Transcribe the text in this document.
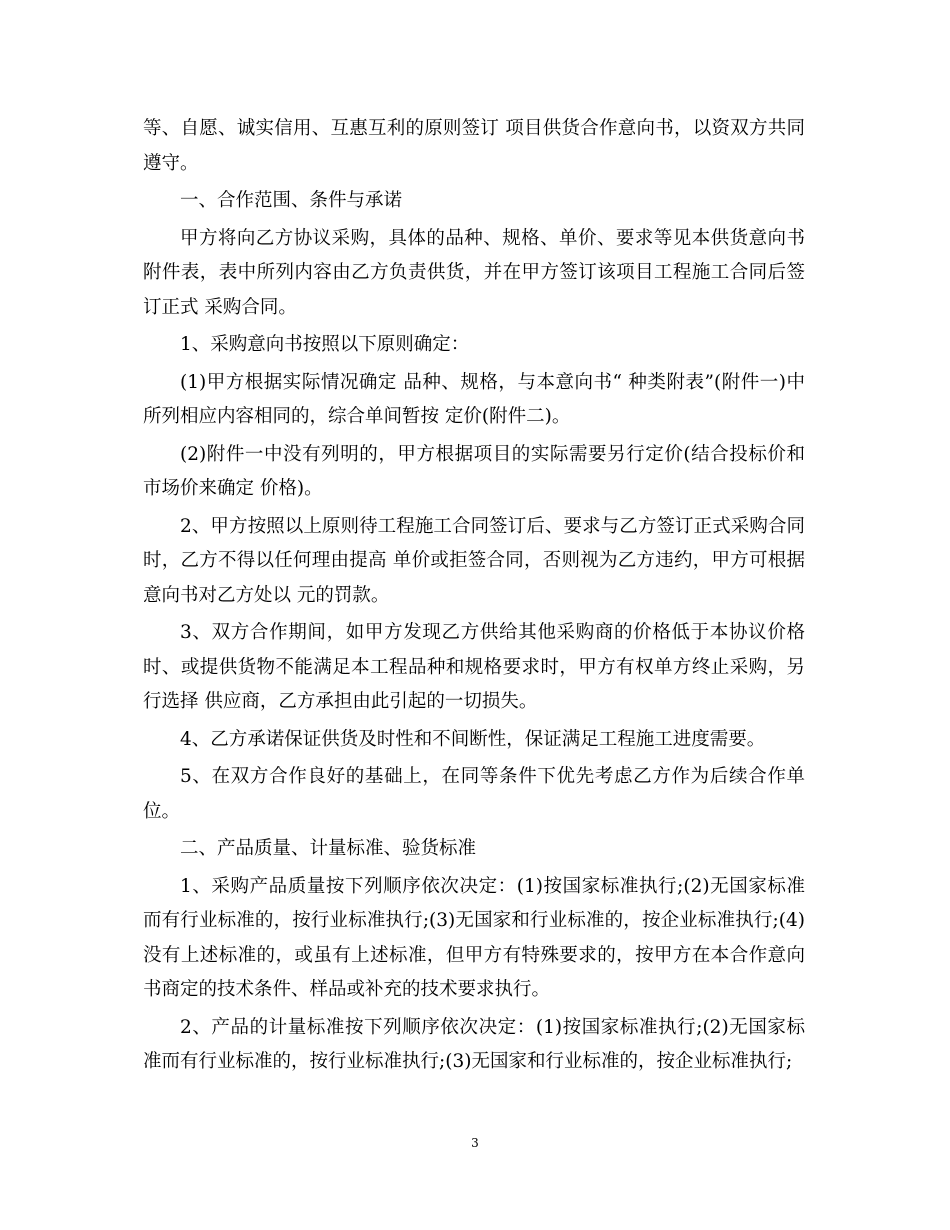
等、自愿、诚实信用、互惠互利的原则签订 项目供货合作意向书，以资双方共同遵守。

一、合作范围、条件与承诺

甲方将向乙方协议采购，具体的品种、规格、单价、要求等见本供货意向书附件表，表中所列内容由乙方负责供货，并在甲方签订该项目工程施工合同后签订正式 采购合同。

1、采购意向书按照以下原则确定：

(1)甲方根据实际情况确定 品种、规格，与本意向书“ 种类附表”(附件一)中所列相应内容相同的，综合单间暂按 定价(附件二)。

(2)附件一中没有列明的，甲方根据项目的实际需要另行定价(结合投标价和市场价来确定 价格)。

2、甲方按照以上原则待工程施工合同签订后、要求与乙方签订正式采购合同时，乙方不得以任何理由提高 单价或拒签合同，否则视为乙方违约，甲方可根据意向书对乙方处以 元的罚款。

3、双方合作期间，如甲方发现乙方供给其他采购商的价格低于本协议价格时、或提供货物不能满足本工程品种和规格要求时，甲方有权单方终止采购，另行选择 供应商，乙方承担由此引起的一切损失。

4、乙方承诺保证供货及时性和不间断性，保证满足工程施工进度需要。

5、在双方合作良好的基础上，在同等条件下优先考虑乙方作为后续合作单位。

二、产品质量、计量标准、验货标准

1、采购产品质量按下列顺序依次决定：(1)按国家标准执行;(2)无国家标准而有行业标准的，按行业标准执行;(3)无国家和行业标准的，按企业标准执行;(4)没有上述标准的，或虽有上述标准，但甲方有特殊要求的，按甲方在本合作意向书商定的技术条件、样品或补充的技术要求执行。

2、产品的计量标准按下列顺序依次决定：(1)按国家标准执行;(2)无国家标准而有行业标准的，按行业标准执行;(3)无国家和行业标准的，按企业标准执行;

3
